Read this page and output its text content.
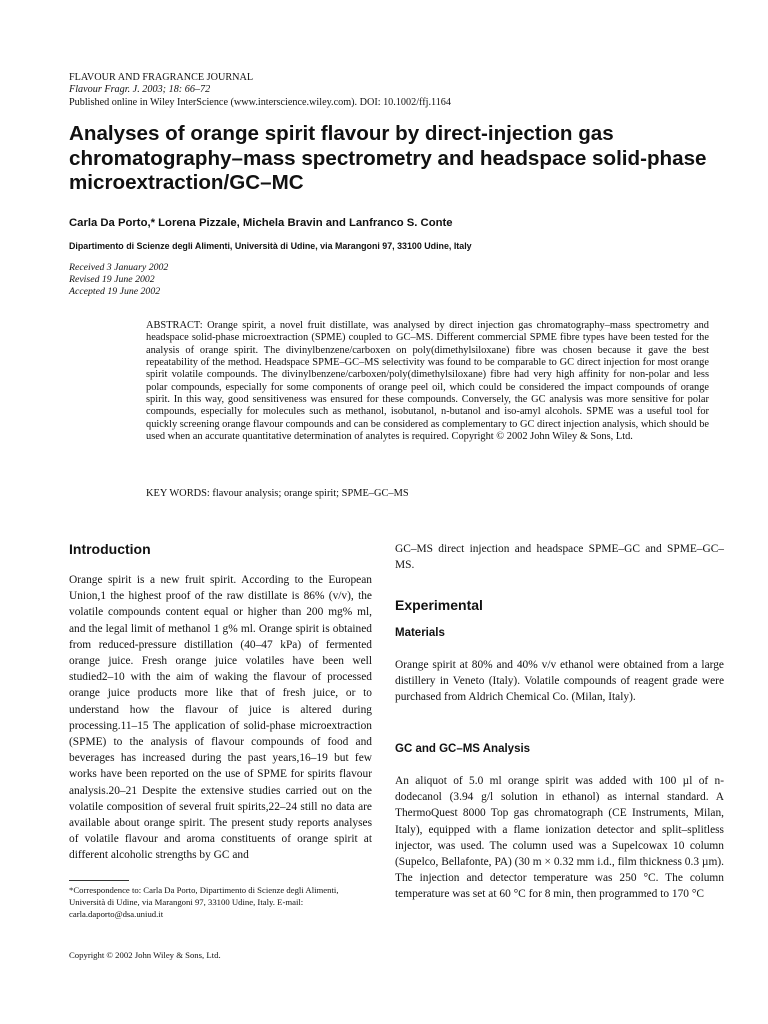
FLAVOUR AND FRAGRANCE JOURNAL
Flavour Fragr. J. 2003; 18: 66–72
Published online in Wiley InterScience (www.interscience.wiley.com). DOI: 10.1002/ffj.1164
Analyses of orange spirit flavour by direct-injection gas chromatography–mass spectrometry and headspace solid-phase microextraction/GC–MC
Carla Da Porto,* Lorena Pizzale, Michela Bravin and Lanfranco S. Conte
Dipartimento di Scienze degli Alimenti, Università di Udine, via Marangoni 97, 33100 Udine, Italy
Received 3 January 2002
Revised 19 June 2002
Accepted 19 June 2002

ABSTRACT: Orange spirit, a novel fruit distillate, was analysed by direct injection gas chromatography–mass spectrometry and headspace solid-phase microextraction (SPME) coupled to GC–MS. Different commercial SPME fibre types have been tested for the analysis of orange spirit. The divinylbenzene/carboxen on poly(dimethylsiloxane) fibre was chosen because it gave the best repeatability of the method. Headspace SPME–GC–MS selectivity was found to be comparable to GC direct injection for most orange spirit volatile compounds. The divinylbenzene/carboxen/poly(dimethylsiloxane) fibre had very high affinity for non-polar and less polar compounds, especially for some components of orange peel oil, which could be considered the impact compounds of orange spirit. In this way, good sensitiveness was ensured for these compounds. Conversely, the GC analysis was more sensitive for polar compounds, especially for molecules such as methanol, isobutanol, n-butanol and iso-amyl alcohols. SPME was a useful tool for quickly screening orange flavour compounds and can be considered as complementary to GC direct injection analysis, which should be used when an accurate quantitative determination of analytes is required. Copyright © 2002 John Wiley & Sons, Ltd.

KEY WORDS: flavour analysis; orange spirit; SPME–GC–MS
Introduction

Orange spirit is a new fruit spirit. According to the European Union,1 the highest proof of the raw distillate is 86% (v/v), the volatile compounds content equal or higher than 200 mg% ml, and the legal limit of methanol 1 g% ml. Orange spirit is obtained from reduced-pressure distillation (40–47 kPa) of fermented orange juice. Fresh orange juice volatiles have been well studied2–10 with the aim of waking the flavour of processed orange juice products more like that of fresh juice, or to understand how the flavour of juice is altered during processing.11–15 The application of solid-phase microextraction (SPME) to the analysis of flavour compounds of food and beverages has increased during the past years,16–19 but few works have been reported on the use of SPME for spirits flavour analysis.20–21 Despite the extensive studies carried out on the volatile composition of several fruit spirits,22–24 still no data are available about orange spirit. The present study reports analyses of volatile flavour and aroma constituents of orange spirit at different alcoholic strengths by GC and

GC–MS direct injection and headspace SPME–GC and SPME–GC–MS.

Experimental
Materials

Orange spirit at 80% and 40% v/v ethanol were obtained from a large distillery in Veneto (Italy). Volatile compounds of reagent grade were purchased from Aldrich Chemical Co. (Milan, Italy).

GC and GC–MS Analysis

An aliquot of 5.0 ml orange spirit was added with 100 µl of n-dodecanol (3.94 g/l solution in ethanol) as internal standard. A ThermoQuest 8000 Top gas chromatograph (CE Instruments, Milan, Italy), equipped with a flame ionization detector and split–splitless injector, was used. The column used was a Supelcowax 10 column (Supelco, Bellafonte, PA) (30 m × 0.32 mm i.d., film thickness 0.3 µm). The injection and detector temperature was 250 °C. The column temperature was set at 60 °C for 8 min, then programmed to 170 °C

*Correspondence to: Carla Da Porto, Dipartimento di Scienze degli Alimenti, Università di Udine, via Marangoni 97, 33100 Udine, Italy. E-mail: carla.daporto@dsa.uniud.it

Copyright © 2002 John Wiley & Sons, Ltd.
